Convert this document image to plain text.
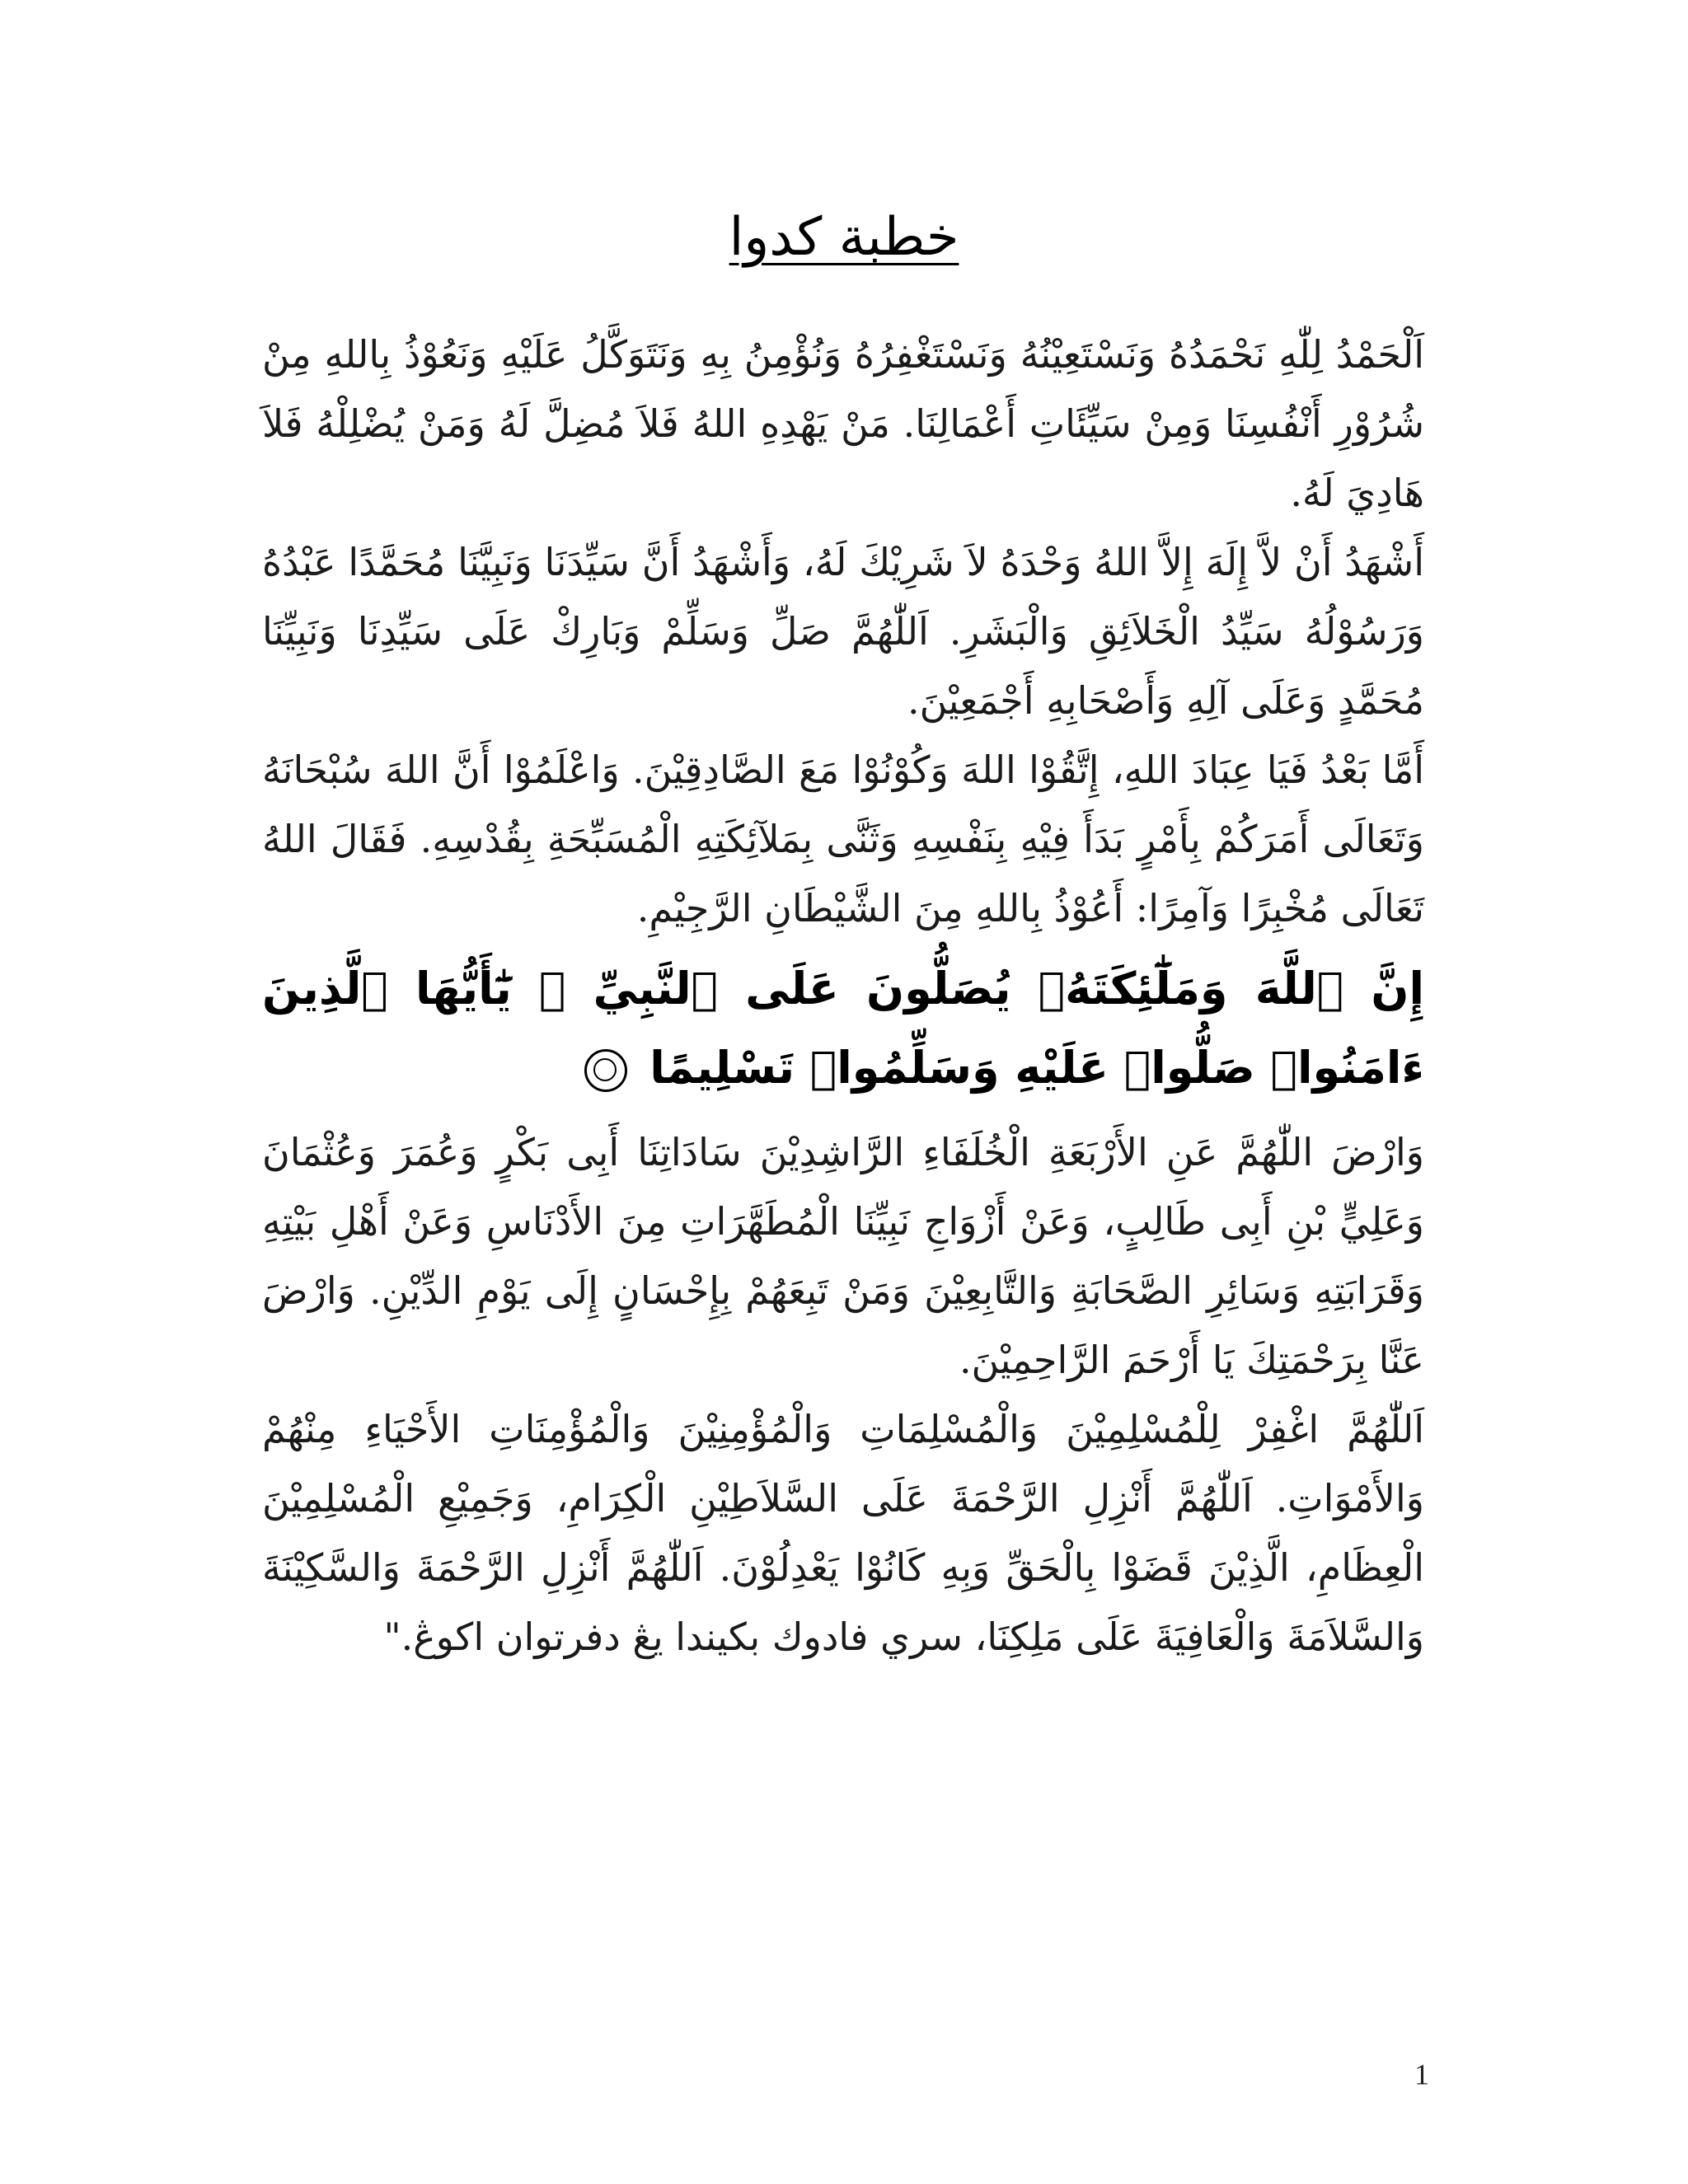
خطبة كدوا

اَلْحَمْدُ لِلّٰهِ نَحْمَدُهُ وَنَسْتَعِيْنُهُ وَنَسْتَغْفِرُهُ وَنُؤْمِنُ بِهِ وَنَتَوَكَّلُ عَلَيْهِ وَنَعُوْذُ بِاللهِ مِنْ شُرُوْرِ أَنْفُسِنَا وَمِنْ سَيِّئَاتِ أَعْمَالِنَا. مَنْ يَهْدِهِ اللهُ فَلاَ مُضِلَّ لَهُ وَمَنْ يُضْلِلْهُ فَلاَ هَادِيَ لَهُ.

أَشْهَدُ أَنْ لاَّ إِلَهَ إِلاَّ اللهُ وَحْدَهُ لاَ شَرِيْكَ لَهُ، وَأَشْهَدُ أَنَّ سَيِّدَنَا وَنَبِيَّنَا مُحَمَّدًا عَبْدُهُ وَرَسُوْلُهُ سَيِّدُ الْخَلاَئِقِ وَالْبَشَرِ. اَللّٰهُمَّ صَلِّ وَسَلِّمْ وَبَارِكْ عَلَى سَيِّدِنَا وَنَبِيِّنَا مُحَمَّدٍ وَعَلَى آلِهِ وَأَصْحَابِهِ أَجْمَعِيْنَ.

أَمَّا بَعْدُ فَيَا عِبَادَ اللهِ، إِتَّقُوْا اللهَ وَكُوْنُوْا مَعَ الصَّادِقِيْنَ. وَاعْلَمُوْا أَنَّ اللهَ سُبْحَانَهُ وَتَعَالَى أَمَرَكُمْ بِأَمْرٍ بَدَأَ فِيْهِ بِنَفْسِهِ وَثَنَّى بِمَلآئِكَتِهِ الْمُسَبِّحَةِ بِقُدْسِهِ. فَقَالَ اللهُ تَعَالَى مُخْبِرًا وَآمِرًا: أَعُوْذُ بِاللهِ مِنَ الشَّيْطَانِ الرَّجِيْمِ.

إِنَّ ٱللَّهَ وَمَلَٰٓئِكَتَهُۥ يُصَلُّونَ عَلَى ٱلنَّبِيِّ ۚ يَٰٓأَيُّهَا ٱلَّذِينَ ءَامَنُوا۟ صَلُّوا۟ عَلَيْهِ وَسَلِّمُوا۟ تَسْلِيمًا

وَارْضَ اللّٰهُمَّ عَنِ الأَرْبَعَةِ الْخُلَفَاءِ الرَّاشِدِيْنَ سَادَاتِنَا أَبِى بَكْرٍ وَعُمَرَ وَعُثْمَانَ وَعَلِيٍّ بْنِ أَبِى طَالِبٍ، وَعَنْ أَزْوَاجِ نَبِيِّنَا الْمُطَهَّرَاتِ مِنَ الأَدْنَاسِ وَعَنْ أَهْلِ بَيْتِهِ وَقَرَابَتِهِ وَسَائِرِ الصَّحَابَةِ وَالتَّابِعِيْنَ وَمَنْ تَبِعَهُمْ بِإِحْسَانٍ إِلَى يَوْمِ الدِّيْنِ. وَارْضَ عَنَّا بِرَحْمَتِكَ يَا أَرْحَمَ الرَّاحِمِيْنَ.

اَللّٰهُمَّ اغْفِرْ لِلْمُسْلِمِيْنَ وَالْمُسْلِمَاتِ وَالْمُؤْمِنِيْنَ وَالْمُؤْمِنَاتِ الأَحْيَاءِ مِنْهُمْ وَالأَمْوَاتِ. اَللّٰهُمَّ أَنْزِلِ الرَّحْمَةَ عَلَى السَّلاَطِيْنِ الْكِرَامِ، وَجَمِيْعِ الْمُسْلِمِيْنَ الْعِظَامِ، الَّذِيْنَ قَضَوْا بِالْحَقِّ وَبِهِ كَانُوْا يَعْدِلُوْنَ. اَللّٰهُمَّ أَنْزِلِ الرَّحْمَةَ وَالسَّكِيْنَةَ وَالسَّلاَمَةَ وَالْعَافِيَةَ عَلَى مَلِكِنَا، سري فادوك بكيندا يڠ دفرتوان اكوڠ."

1
